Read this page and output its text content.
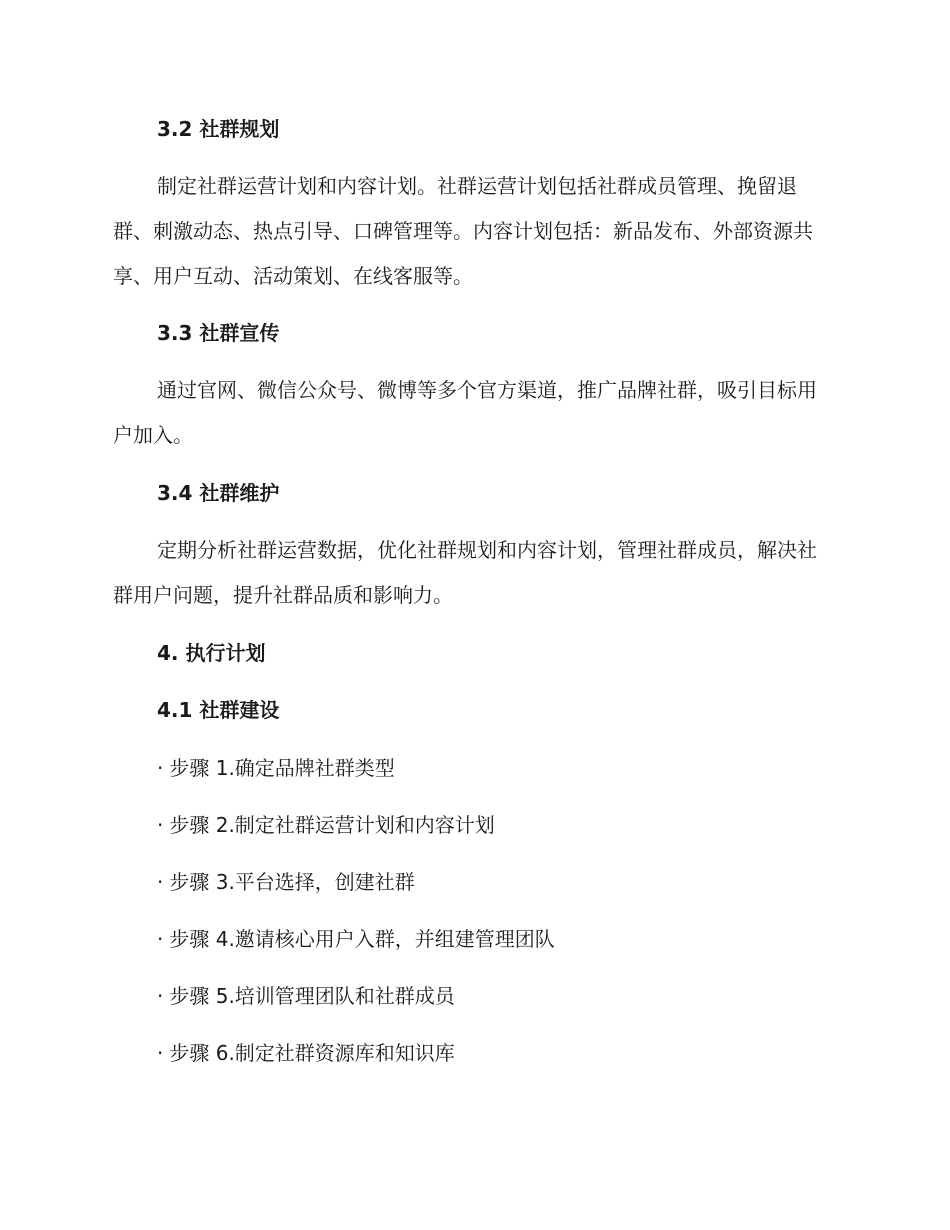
3.2 社群规划

制定社群运营计划和内容计划。社群运营计划包括社群成员管理、挽留退群、刺激动态、热点引导、口碑管理等。内容计划包括：新品发布、外部资源共享、用户互动、活动策划、在线客服等。

3.3 社群宣传

通过官网、微信公众号、微博等多个官方渠道，推广品牌社群，吸引目标用户加入。

3.4 社群维护

定期分析社群运营数据，优化社群规划和内容计划，管理社群成员，解决社群用户问题，提升社群品质和影响力。

4. 执行计划
4.1 社群建设
· 步骤 1.确定品牌社群类型
· 步骤 2.制定社群运营计划和内容计划
· 步骤 3.平台选择，创建社群
· 步骤 4.邀请核心用户入群，并组建管理团队
· 步骤 5.培训管理团队和社群成员
· 步骤 6.制定社群资源库和知识库
